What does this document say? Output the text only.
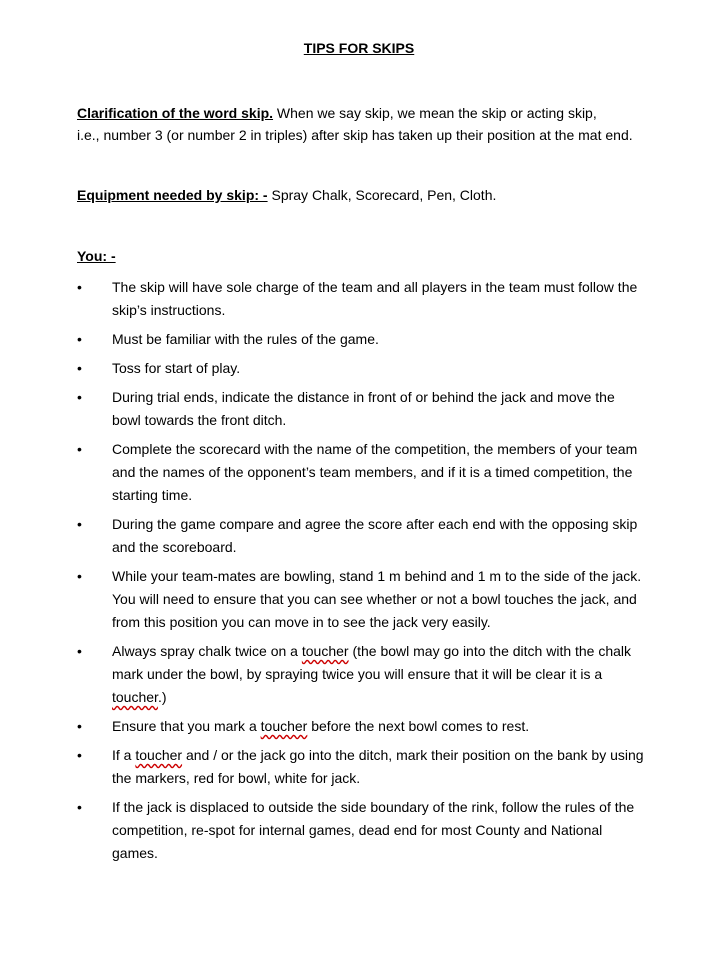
TIPS FOR SKIPS
Clarification of the word skip. When we say skip, we mean the skip or acting skip,
i.e., number 3 (or number 2 in triples) after skip has taken up their position at the mat end.
Equipment needed by skip: - Spray Chalk, Scorecard, Pen, Cloth.
You: -
• The skip will have sole charge of the team and all players in the team must follow the skip’s instructions.
• Must be familiar with the rules of the game.
• Toss for start of play.
• During trial ends, indicate the distance in front of or behind the jack and move the bowl towards the front ditch.
• Complete the scorecard with the name of the competition, the members of your team and the names of the opponent’s team members, and if it is a timed competition, the starting time.
• During the game compare and agree the score after each end with the opposing skip and the scoreboard.
• While your team-mates are bowling, stand 1 m behind and 1 m to the side of the jack. You will need to ensure that you can see whether or not a bowl touches the jack, and from this position you can move in to see the jack very easily.
• Always spray chalk twice on a toucher (the bowl may go into the ditch with the chalk mark under the bowl, by spraying twice you will ensure that it will be clear it is a toucher.)
• Ensure that you mark a toucher before the next bowl comes to rest.
• If a toucher and / or the jack go into the ditch, mark their position on the bank by using the markers, red for bowl, white for jack.
• If the jack is displaced to outside the side boundary of the rink, follow the rules of the competition, re-spot for internal games, dead end for most County and National games.
